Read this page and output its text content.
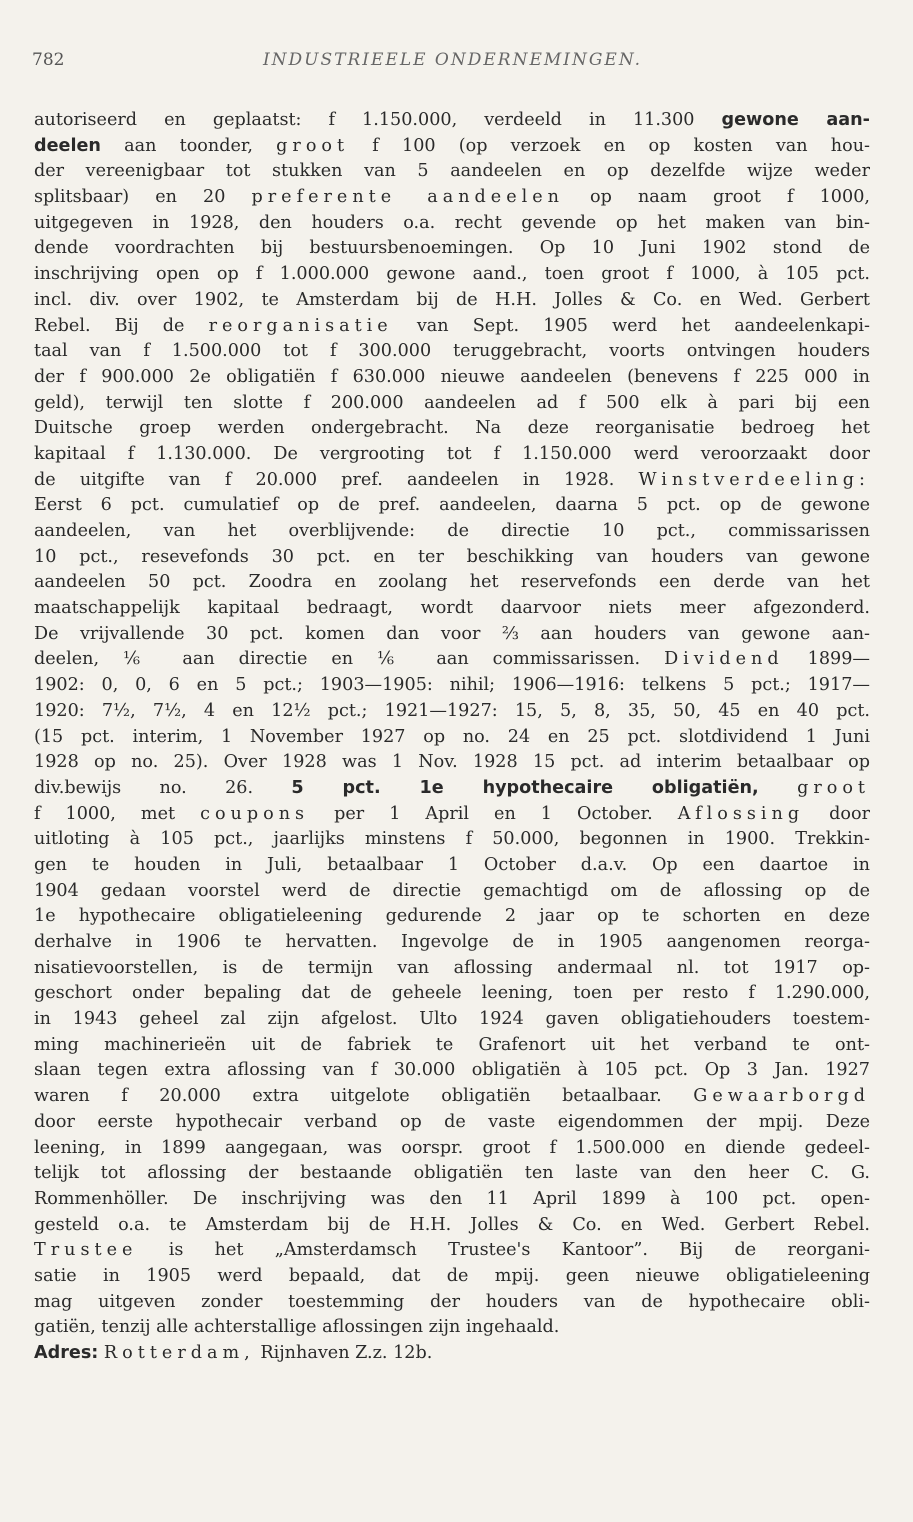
782	INDUSTRIEELE ONDERNEMINGEN.
autoriseerd en geplaatst: f 1.150.000, verdeeld in 11.300 gewone aan-
deelen aan toonder, groot f 100 (op verzoek en op kosten van hou-
der vereenigbaar tot stukken van 5 aandeelen en op dezelfde wijze weder
splitsbaar) en 20 preferente aandeelen op naam groot f 1000,
uitgegeven in 1928, den houders o.a. recht gevende op het maken van bin-
dende voordrachten bij bestuursbenoemingen. Op 10 Juni 1902 stond de
inschrijving open op f 1.000.000 gewone aand., toen groot f 1000, à 105 pct.
incl. div. over 1902, te Amsterdam bij de H.H. Jolles & Co. en Wed. Gerbert
Rebel. Bij de reorganisatie van Sept. 1905 werd het aandeelenkapi-
taal van f 1.500.000 tot f 300.000 teruggebracht, voorts ontvingen houders
der f 900.000 2e obligatiën f 630.000 nieuwe aandeelen (benevens f 225 000 in
geld), terwijl ten slotte f 200.000 aandeelen ad f 500 elk à pari bij een
Duitsche groep werden ondergebracht. Na deze reorganisatie bedroeg het
kapitaal f 1.130.000. De vergrooting tot f 1.150.000 werd veroorzaakt door
de uitgifte van f 20.000 pref. aandeelen in 1928. Winstverdeeling:
Eerst 6 pct. cumulatief op de pref. aandeelen, daarna 5 pct. op de gewone
aandeelen, van het overblijvende: de directie 10 pct., commissarissen
10 pct., resevefonds 30 pct. en ter beschikking van houders van gewone
aandeelen 50 pct. Zoodra en zoolang het reservefonds een derde van het
maatschappelijk kapitaal bedraagt, wordt daarvoor niets meer afgezonderd.
De vrijvallende 30 pct. komen dan voor ⅔ aan houders van gewone aan-
deelen, ⅙ aan directie en ⅙ aan commissarissen. Dividend 1899—
1902: 0, 0, 6 en 5 pct.; 1903—1905: nihil; 1906—1916: telkens 5 pct.; 1917—
1920: 7½, 7½, 4 en 12½ pct.; 1921—1927: 15, 5, 8, 35, 50, 45 en 40 pct.
(15 pct. interim, 1 November 1927 op no. 24 en 25 pct. slotdividend 1 Juni
1928 op no. 25). Over 1928 was 1 Nov. 1928 15 pct. ad interim betaalbaar op
div.bewijs no. 26. 5 pct. 1e hypothecaire obligatiën, groot
f 1000, met coupons per 1 April en 1 October. Aflossing door
uitloting à 105 pct., jaarlijks minstens f 50.000, begonnen in 1900. Trekkin-
gen te houden in Juli, betaalbaar 1 October d.a.v. Op een daartoe in
1904 gedaan voorstel werd de directie gemachtigd om de aflossing op de
1e hypothecaire obligatieleening gedurende 2 jaar op te schorten en deze
derhalve in 1906 te hervatten. Ingevolge de in 1905 aangenomen reorga-
nisatievoorstellen, is de termijn van aflossing andermaal nl. tot 1917 op-
geschort onder bepaling dat de geheele leening, toen per resto f 1.290.000,
in 1943 geheel zal zijn afgelost. Ulto 1924 gaven obligatiehouders toestem-
ming machinerieën uit de fabriek te Grafenort uit het verband te ont-
slaan tegen extra aflossing van f 30.000 obligatiën à 105 pct. Op 3 Jan. 1927
waren f 20.000 extra uitgelote obligatiën betaalbaar. Gewaarborgd
door eerste hypothecair verband op de vaste eigendommen der mpij. Deze
leening, in 1899 aangegaan, was oorspr. groot f 1.500.000 en diende gedeel-
telijk tot aflossing der bestaande obligatiën ten laste van den heer C. G.
Rommenhöller. De inschrijving was den 11 April 1899 à 100 pct. open-
gesteld o.a. te Amsterdam bij de H.H. Jolles & Co. en Wed. Gerbert Rebel.
Trustee is het „Amsterdamsch Trustee's Kantoor”. Bij de reorgani-
satie in 1905 werd bepaald, dat de mpij. geen nieuwe obligatieleening
mag uitgeven zonder toestemming der houders van de hypothecaire obli-
gatiën, tenzij alle achterstallige aflossingen zijn ingehaald.
Adres: Rotterdam, Rijnhaven Z.z. 12b.
